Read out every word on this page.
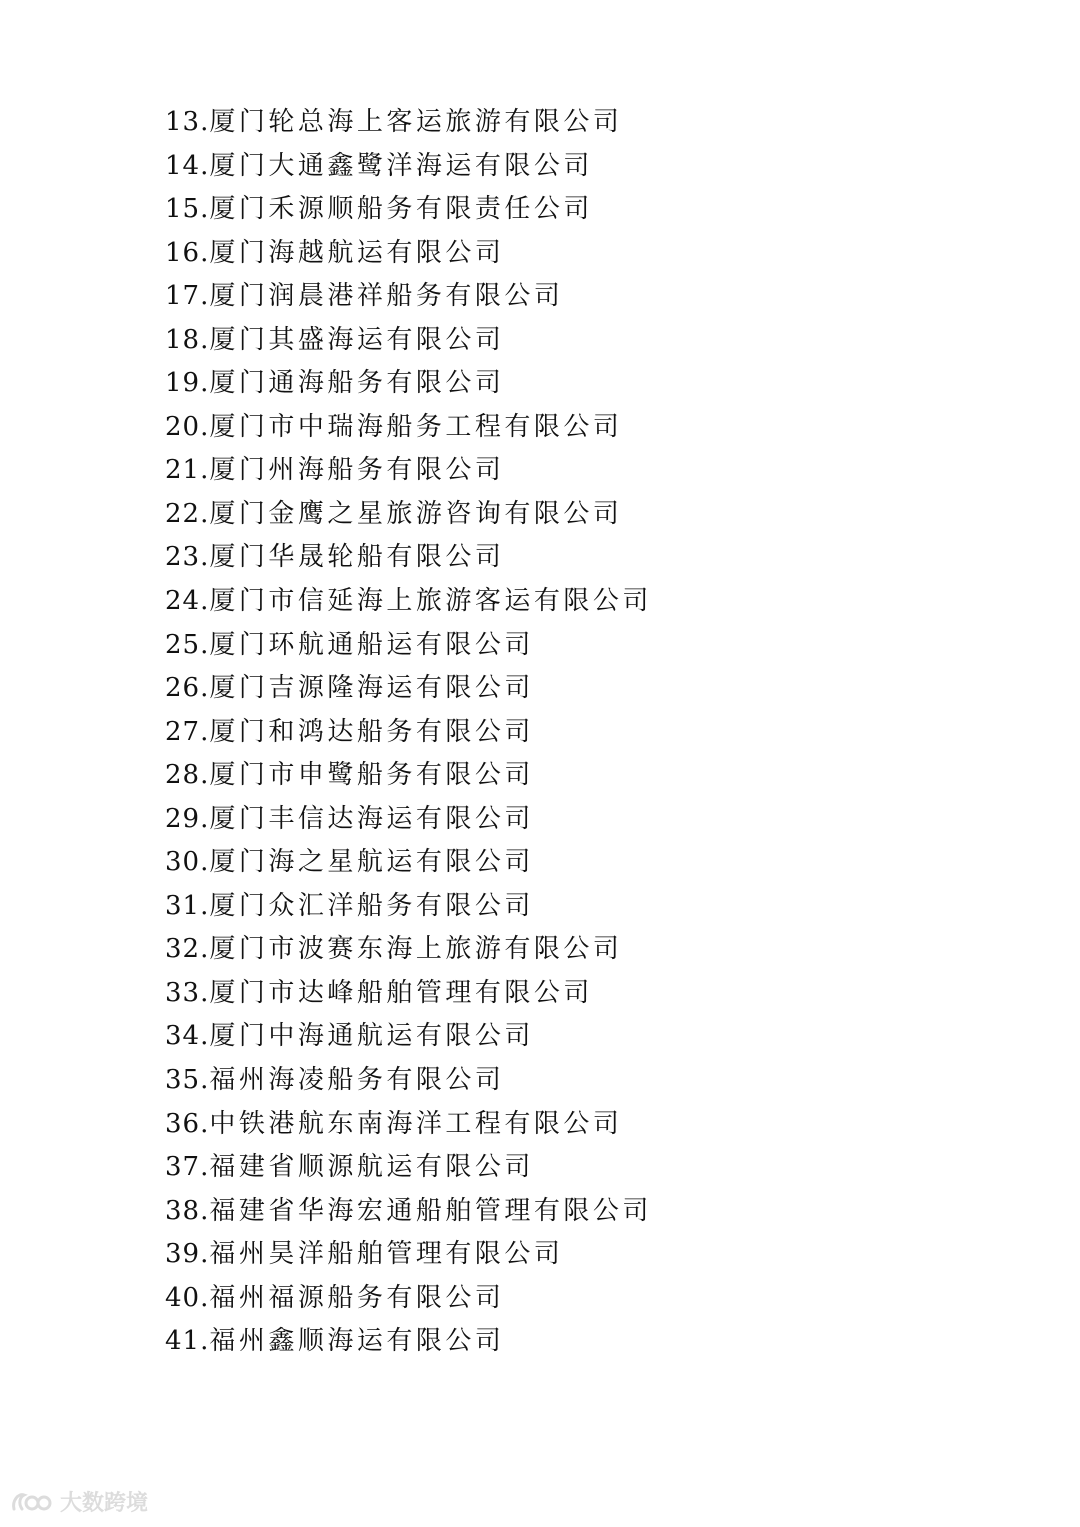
13. 厦门轮总海上客运旅游有限公司
14. 厦门大通鑫鹭洋海运有限公司
15. 厦门禾源顺船务有限责任公司
16. 厦门海越航运有限公司
17. 厦门润晨港祥船务有限公司
18. 厦门其盛海运有限公司
19. 厦门通海船务有限公司
20. 厦门市中瑞海船务工程有限公司
21. 厦门州海船务有限公司
22. 厦门金鹰之星旅游咨询有限公司
23. 厦门华晟轮船有限公司
24. 厦门市信延海上旅游客运有限公司
25. 厦门环航通船运有限公司
26. 厦门吉源隆海运有限公司
27. 厦门和鸿达船务有限公司
28. 厦门市申鹭船务有限公司
29. 厦门丰信达海运有限公司
30. 厦门海之星航运有限公司
31. 厦门众汇洋船务有限公司
32. 厦门市波赛东海上旅游有限公司
33. 厦门市达峰船舶管理有限公司
34. 厦门中海通航运有限公司
35. 福州海凌船务有限公司
36. 中铁港航东南海洋工程有限公司
37. 福建省顺源航运有限公司
38. 福建省华海宏通船舶管理有限公司
39. 福州昊洋船舶管理有限公司
40. 福州福源船务有限公司
41. 福州鑫顺海运有限公司
大数跨境
